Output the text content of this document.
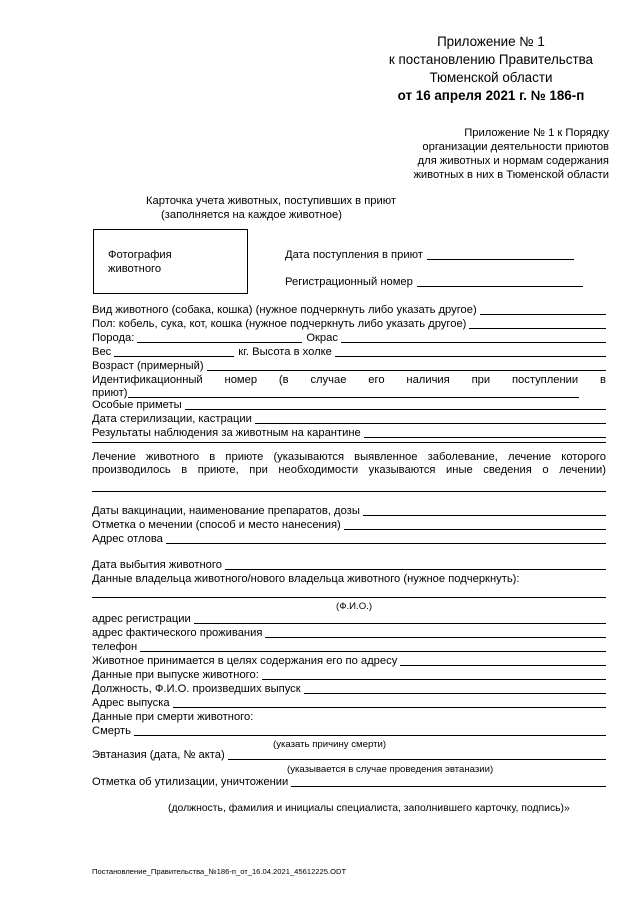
Приложение № 1
к постановлению Правительства
Тюменской области
от 16 апреля 2021 г. № 186-п
Приложение № 1 к Порядку
организации деятельности приютов
для животных и нормам содержания
животных в них в Тюменской области
Карточка учета животных, поступивших в приют
(заполняется на каждое животное)
Фотография
животного
Дата поступления в приют
Регистрационный номер
Вид животного (собака, кошка) (нужное подчеркнуть либо указать другое)
Пол: кобель, сука, кот, кошка (нужное подчеркнуть либо указать другое)
Порода:	Окрас
Вес	кг. Высота в холке
Возраст (примерный)
Идентификационный номер (в случае его наличия при поступлении в
приют)
Особые приметы
Дата стерилизации, кастрации
Результаты наблюдения за животным на карантине
Лечение животного в приюте (указываются выявленное заболевание, лечение которого
производилось в приюте, при необходимости указываются иные сведения о лечении)
Даты вакцинации, наименование препаратов, дозы
Отметка о мечении (способ и место нанесения)
Адрес отлова
Дата выбытия животного
Данные владельца животного/нового владельца животного (нужное подчеркнуть):
(Ф.И.О.)
адрес регистрации
адрес фактического проживания
телефон
Животное принимается в целях содержания его по адресу
Данные при выпуске животного:
Должность, Ф.И.О. произведших выпуск
Адрес выпуска
Данные при смерти животного:
Смерть
(указать причину смерти)
Эвтаназия (дата, № акта)
(указывается в случае проведения эвтаназии)
Отметка об утилизации, уничтожении
(должность, фамилия и инициалы специалиста, заполнившего карточку, подпись)»
Постановление_Правительства_№186-п_от_16.04.2021_45612225.ODT
